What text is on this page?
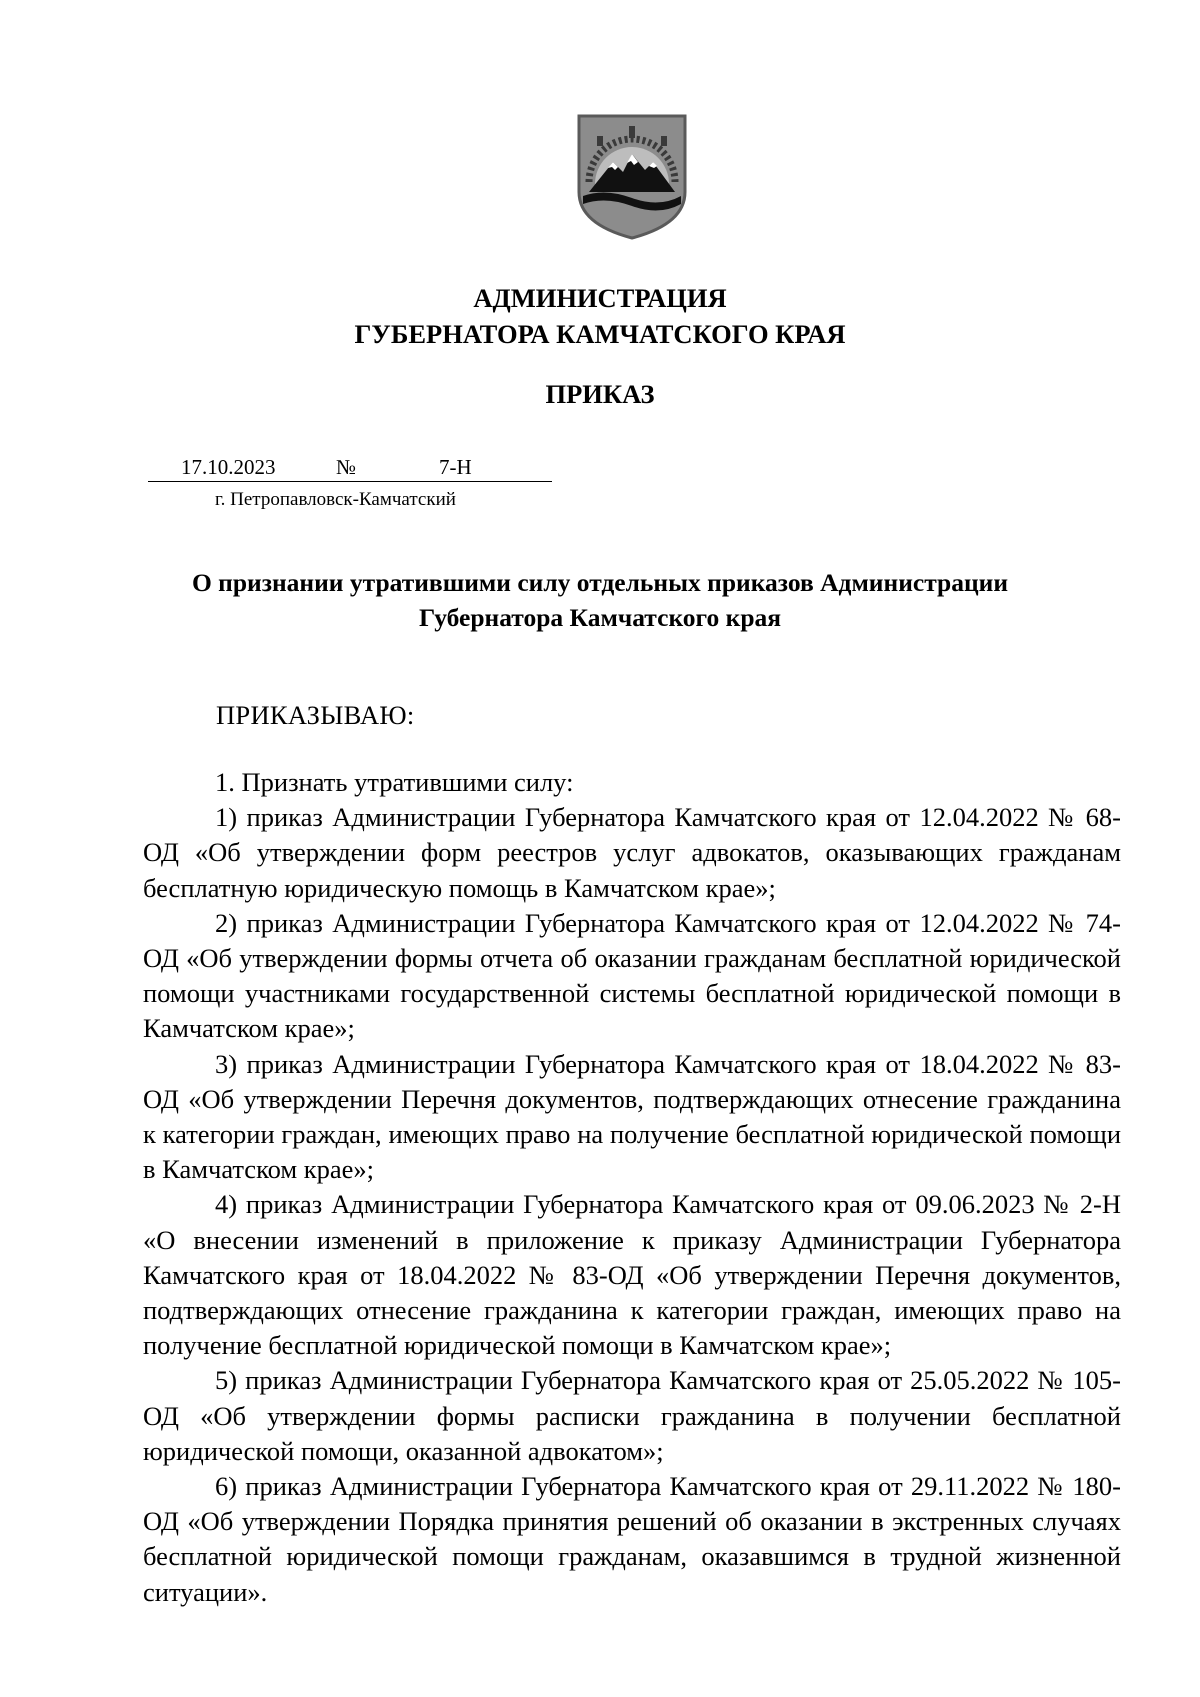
АДМИНИСТРАЦИЯ
ГУБЕРНАТОРА КАМЧАТСКОГО КРАЯ
ПРИКАЗ
17.10.2023	№	7-Н
г. Петропавловск-Камчатский
О признании утратившими силу отдельных приказов Администрации
Губернатора Камчатского края
ПРИКАЗЫВАЮ:

1. Признать утратившими силу:

1) приказ Администрации Губернатора Камчатского края от 12.04.2022 № 68-ОД «Об утверждении форм реестров услуг адвокатов, оказывающих гражданам бесплатную юридическую помощь в Камчатском крае»;

2) приказ Администрации Губернатора Камчатского края от 12.04.2022 № 74-ОД «Об утверждении формы отчета об оказании гражданам бесплатной юридической помощи участниками государственной системы бесплатной юридической помощи в Камчатском крае»;

3) приказ Администрации Губернатора Камчатского края от 18.04.2022 № 83-ОД «Об утверждении Перечня документов, подтверждающих отнесение гражданина к категории граждан, имеющих право на получение бесплатной юридической помощи в Камчатском крае»;

4) приказ Администрации Губернатора Камчатского края от 09.06.2023 № 2-Н «О внесении изменений в приложение к приказу Администрации Губернатора Камчатского края от 18.04.2022 № 83-ОД «Об утверждении Перечня документов, подтверждающих отнесение гражданина к категории граждан, имеющих право на получение бесплатной юридической помощи в Камчатском крае»;

5) приказ Администрации Губернатора Камчатского края от 25.05.2022 № 105-ОД «Об утверждении формы расписки гражданина в получении бесплатной юридической помощи, оказанной адвокатом»;

6) приказ Администрации Губернатора Камчатского края от 29.11.2022 № 180-ОД «Об утверждении Порядка принятия решений об оказании в экстренных случаях бесплатной юридической помощи гражданам, оказавшимся в трудной жизненной ситуации».
